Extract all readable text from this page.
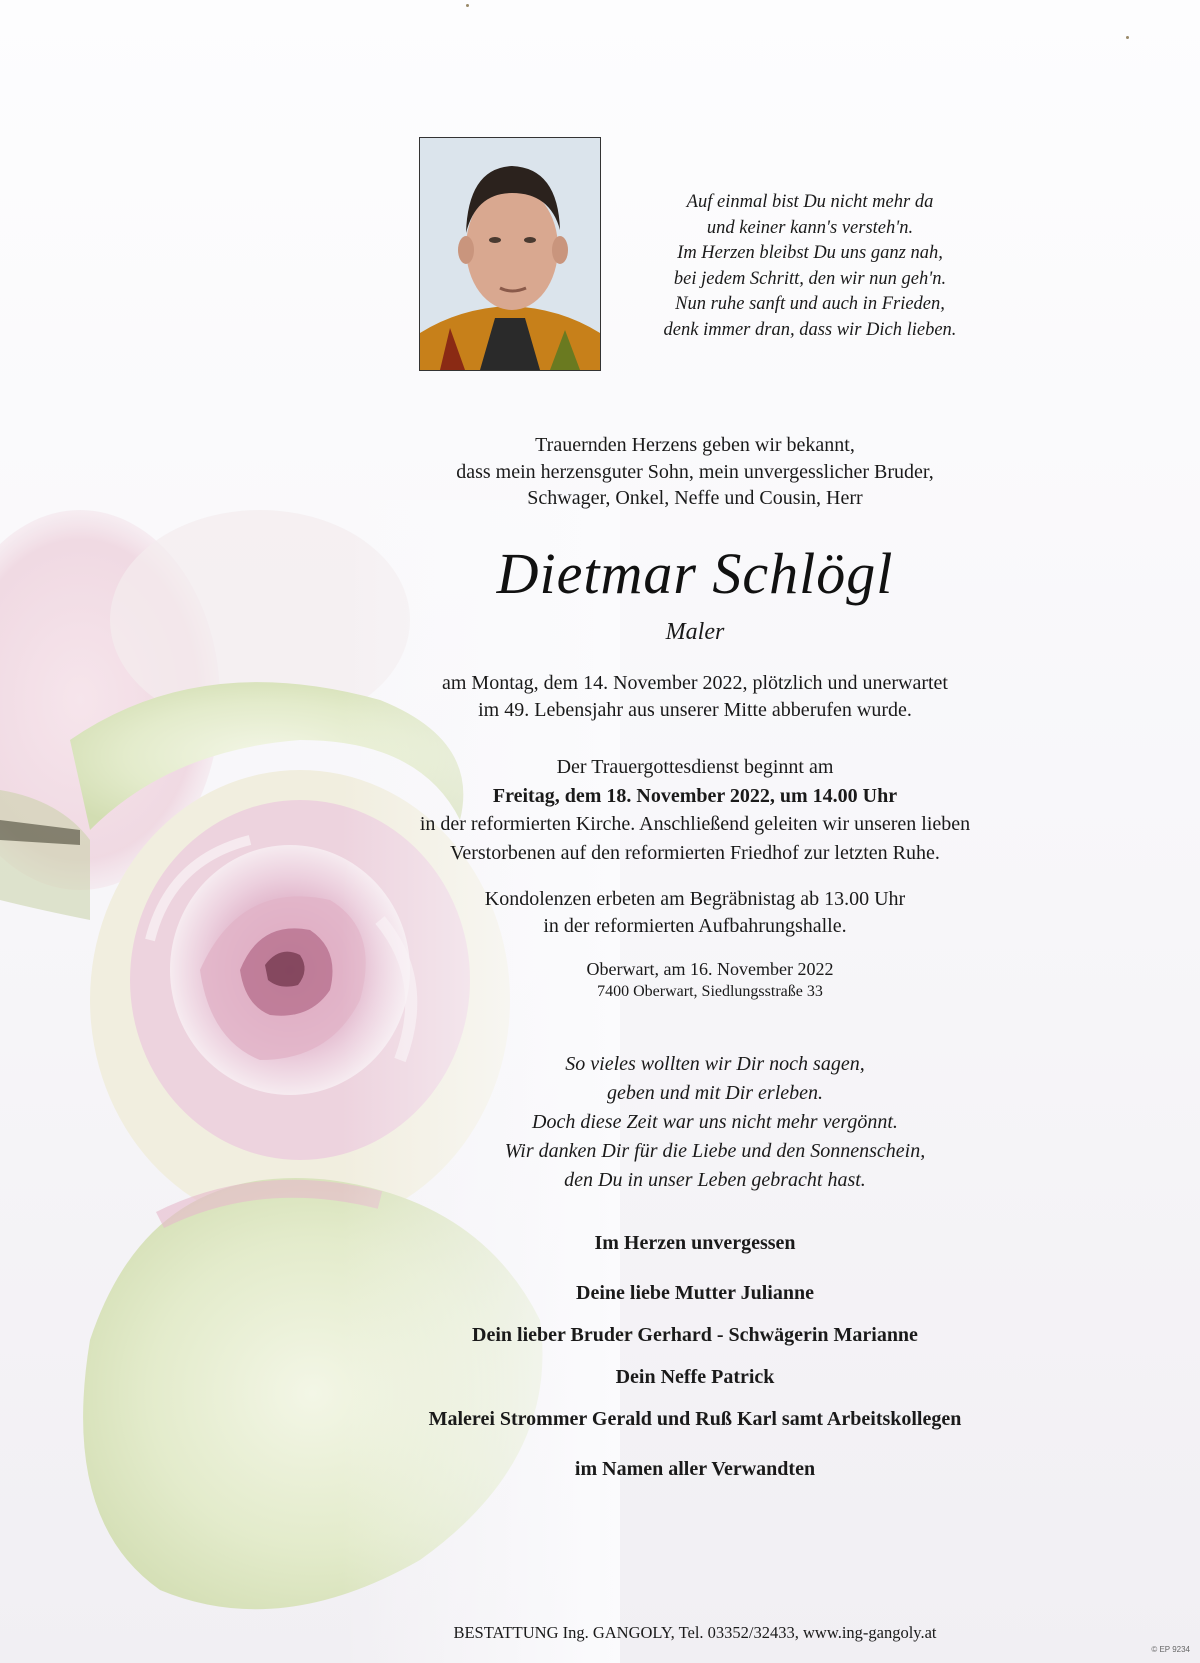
Auf einmal bist Du nicht mehr da
und keiner kann's versteh'n.
Im Herzen bleibst Du uns ganz nah,
bei jedem Schritt, den wir nun geh'n.
Nun ruhe sanft und auch in Frieden,
denk immer dran, dass wir Dich lieben.
Trauernden Herzens geben wir bekannt,
dass mein herzensguter Sohn, mein unvergesslicher Bruder,
Schwager, Onkel, Neffe und Cousin, Herr
Dietmar Schlögl
Maler
am Montag, dem 14. November 2022, plötzlich und unerwartet
im 49. Lebensjahr aus unserer Mitte abberufen wurde.
Der Trauergottesdienst beginnt am
Freitag, dem 18. November 2022, um 14.00 Uhr
in der reformierten Kirche. Anschließend geleiten wir unseren lieben
Verstorbenen auf den reformierten Friedhof zur letzten Ruhe.
Kondolenzen erbeten am Begräbnistag ab 13.00 Uhr
in der reformierten Aufbahrungshalle.
Oberwart, am 16. November 2022
7400 Oberwart, Siedlungsstraße 33
So vieles wollten wir Dir noch sagen,
geben und mit Dir erleben.
Doch diese Zeit war uns nicht mehr vergönnt.
Wir danken Dir für die Liebe und den Sonnenschein,
den Du in unser Leben gebracht hast.
Im Herzen unvergessen
Deine liebe Mutter Julianne
Dein lieber Bruder Gerhard - Schwägerin Marianne
Dein Neffe Patrick
Malerei Strommer Gerald und Ruß Karl samt Arbeitskollegen
im Namen aller Verwandten
BESTATTUNG Ing. GANGOLY, Tel. 03352/32433, www.ing-gangoly.at
© EP 9234
